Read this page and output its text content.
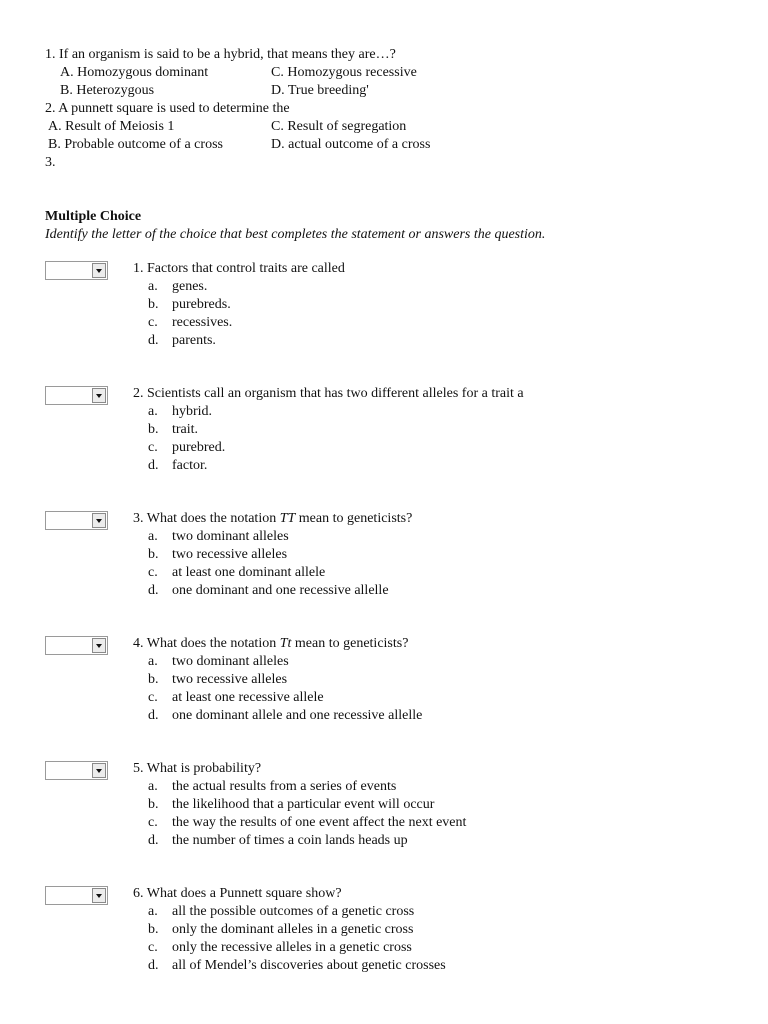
1. If an organism is said to be a hybrid, that means they are…?
A. Homozygous dominant	C. Homozygous recessive
B. Heterozygous	D. True breeding'
2. A punnett square is used to determine the
A. Result of Meiosis 1	C. Result of segregation
B. Probable outcome of a cross	D. actual outcome of a cross
3.
Multiple Choice
Identify the letter of the choice that best completes the statement or answers the question.
1. Factors that control traits are called
a. genes.
b. purebreds.
c. recessives.
d. parents.
2. Scientists call an organism that has two different alleles for a trait a
a. hybrid.
b. trait.
c. purebred.
d. factor.
3. What does the notation TT mean to geneticists?
a. two dominant alleles
b. two recessive alleles
c. at least one dominant allele
d. one dominant and one recessive allelle
4. What does the notation Tt mean to geneticists?
a. two dominant alleles
b. two recessive alleles
c. at least one recessive allele
d. one dominant allele and one recessive allelle
5. What is probability?
a. the actual results from a series of events
b. the likelihood that a particular event will occur
c. the way the results of one event affect the next event
d. the number of times a coin lands heads up
6. What does a Punnett square show?
a. all the possible outcomes of a genetic cross
b. only the dominant alleles in a genetic cross
c. only the recessive alleles in a genetic cross
d. all of Mendel’s discoveries about genetic crosses
